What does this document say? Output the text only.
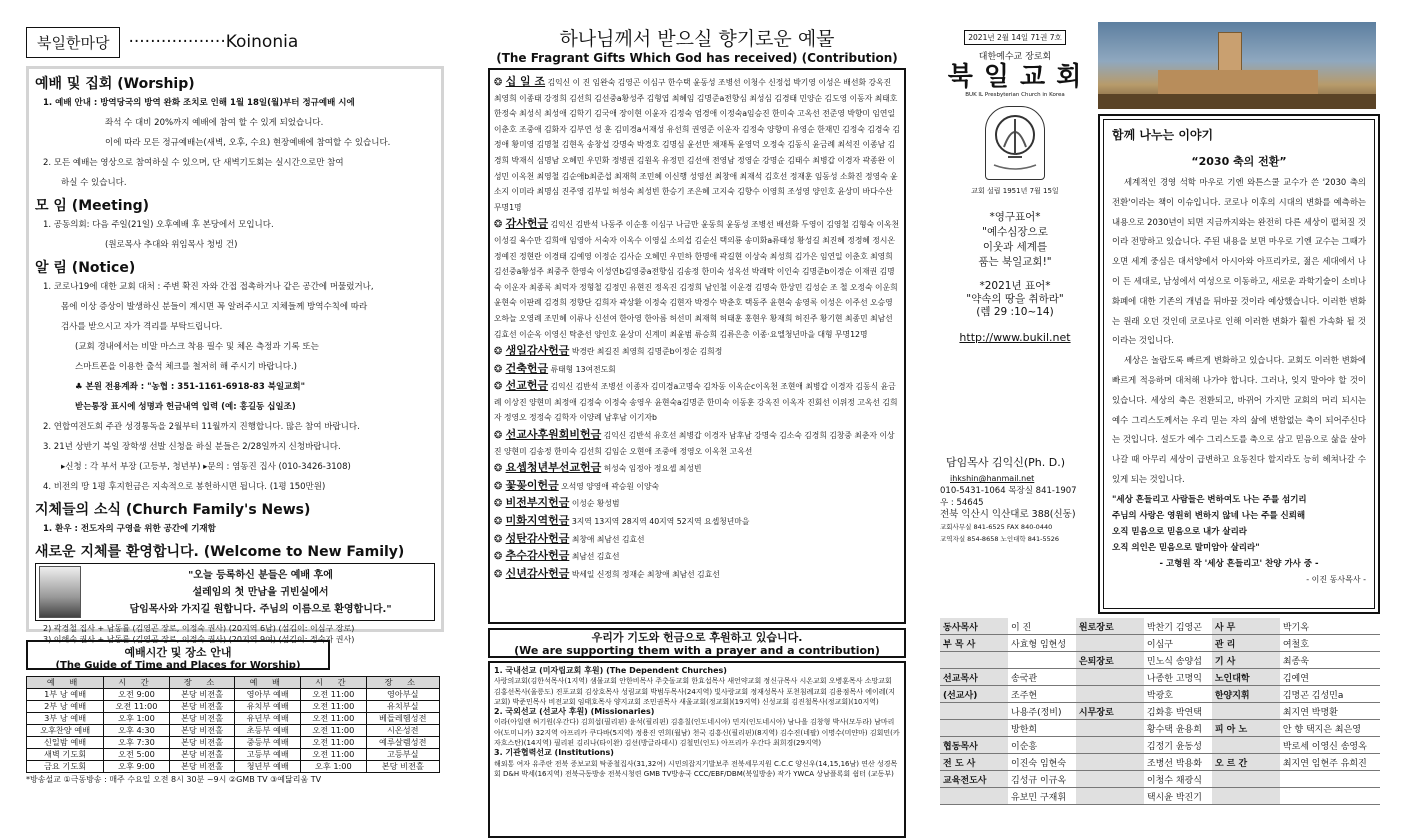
북일한마당	··················Koinonia
예배 및 집회 (Worship)
1. 예배 안내 : 방역당국의 방역 완화 조치로 인해 1월 18일(월)부터 정규예배 시에
좌석 수 대비 20%까지 예배에 참여 할 수 있게 되었습니다.
이에 따라 모든 정규예배는(새벽, 오후, 수요) 현장예배에 참여할 수 있습니다.
2. 모든 예배는 영상으로 참여하실 수 있으며, 단 새벽기도회는 실시간으로만 참여
하실 수 있습니다.
모 임 (Meeting)
1. 공동의회: 다음 주일(21일) 오후예배 후 본당에서 모입니다.
(원로목사 추대와 위임목사 청빙 건)
알 림 (Notice)
1. 코로나19에 대한 교회 대처 : 주변 확진 자와 간접 접촉하거나 같은 공간에 머물렀거나,
몸에 이상 증상이 발생하신 분들이 계시면 꼭 알려주시고 지체들께 방역수칙에 따라
검사를 받으시고 자가 격리를 부탁드립니다.
(교회 경내에서는 비말 마스크 착용 필수 및 체온 측정과 기록 또는
스마트폰을 이용한 출석 체크를 철저히 해 주시기 바랍니다.)
♣ 본원 전용계좌 : "농협 : 351-1161-6918-83 북일교회"
받는통장 표시에 성명과 헌금내역 입력 (예: 홍길동 십일조)
2. 연합여전도회 주관 성경통독을 2월부터 11월까지 진행합니다. 많은 참여 바랍니다.
3. 21년 상반기 북일 장학생 선발 신청을 하실 분들은 2/28일까지 신청바랍니다.
▸신청 : 각 부서 부장 (고등부, 청년부) ▸문의 : 염동진 집사 (010-3426-3108)
4. 비전의 땅 1평 후지헌금은 지속적으로 봉헌하시면 됩니다. (1평 150만원)
지체들의 소식 (Church Family's News)
1. 환우 : 전도자의 구영을 위한 공간에 기재함
새로운 지체를 환영합니다. (Welcome to New Family)
"오늘 등록하신 분들은 예배 후에
설레임의 첫 만남을 귀빈실에서
담임목사와 가지길 원합니다. 주님의 이름으로 환영합니다."
2) 곽경철 집사 + 남동률 (김영곤 장로, 이정숙 권사) (20지역 6남) (섬김이: 이심구 장로)
3) 이해숙 권사 + 남동률 (김영곤 장로, 이정숙 권사) (20지역 9여) (섬김이: 정숙자 권사)
예배시간 및 장소 안내
(The Guide of Time and Places for Worship)
예 배	시 간	장 소	예 배	시 간	장 소
1부 낭 예배	오전 9:00	본당 비젼홀	영아부 예배	오전 11:00	영아부실
2부 낭 예배	오전 11:00	본당 비젼홀	유치부 예배	오전 11:00	유치부실
3부 낭 예배	오후 1:00	본당 비젼홀	유년부 예배	오전 11:00	베들레헴성전
오후찬양 예배	오후 4:30	본당 비젼홀	초등부 예배	오전 11:00	시온성전
신일밤 예배	오후 7:30	본당 비젼홀	중등부 예배	오전 11:00	예루살렘성전
새벽 기도회	오전 5:00	본당 비젼홀	고등부 예배	오전 11:00	고등부실
금요 기도회	오후 9:00	본당 비젼홀	청년부 예배	오후 1:00	본당 비젼홀
*방송설교 ①극동방송 : 매주 수요일 오전 8시 30분 ~9시 ②GMB TV ③예닮리움 TV
하나님께서 받으실 향기로운 예물
(The Fragrant Gifts Which God has received) (Contribution)
❂ 십 일 조 김익신 이 진 임완숙 김영곤 이심구 한수택 윤동성 조병선 이청수 신정섭 박기영 이성은 배선화 강옥진 최영희 이종태 강정희 김선희 김선중a황성주 김형엽 최혜임 김명준a전향심 최성심 김경태 민양순 김도영 이동자 최태호 한정숙 최성식 최성애 김학기 김국애 장이현 이윤자 김정숙 엄경애 이정숙a임승진 한미숙 고옥선 전준영 박향미 임연일 이춘호 조중애 김화자 김부연 성 훈 김미경a서재성 유선희 권영준 이운자 김정숙 양향미 유영순 한재민 김정숙 김경숙 김정애 황미영 김명철 김현옥 송창섭 강명숙 박경호 김명심 윤선만 채재특 윤영덕 오정숙 김동식 윤금례 최석진 이종남 김경희 박재식 심명남 오혜민 우민화 정병권 김원옥 유정민 김선애 전영남 정영순 강명순 김태수 최병갑 이경자 곽종완 이성민 이옥천 최영철 김순애b최준섭 최재혁 조민혜 이신행 성영선 최창애 최재석 김호선 정재훈 임동성 소화진 정영숙 윤소지 이미라 최명심 진주영 김부일 허성숙 최성빈 한승기 조은혜 고지숙 김향수 이영희 조성영 양인호 윤상미 바다수산 무명1명
❂ 감사헌금 김익신 김반석 나동주 이순흥 이심구 나금만 윤동희 윤동성 조병선 배선화 두영이 김영철 김형숙 이옥천 이성길 육수만 김희애 임영아 서숙자 이옥수 이영실 소의섭 김순신 택의룡 송미화a류태성 황성길 최진혜 정정혜 정시온 정예진 정현란 이경태 김예영 이정순 김사순 오혜민 우민하 한명애 곽길현 이상숙 최성희 김가은 임연일 이춘호 최영희 김선중a황성주 최중주 한영숙 이성연b김영중a전향심 김송정 한미숙 성옥선 박래탁 이인숙 김명준b이경순 이재권 김명숙 이운자 최종록 최덕자 정형철 김정민 유현진 정옥진 김정희 남인철 이운경 김명숙 한상민 김성순 조 철 오정숙 이운희 윤현숙 이판례 김경희 정향단 김희자 곽상환 이정숙 김현자 박경수 박춘호 택동주 윤현숙 송영록 이성은 이주선 오승영 오하늘 오영례 조민혜 이류나 신선여 한아영 한아름 허선미 최재혁 허태훈 홍현우 황재희 허진주 황기현 최종민 최남선 김효선 이순옥 이영신 탁춘선 양인호 윤상미 신계미 최윤범 류승희 김류은총 이종·요엘청년마을 대형 무명12명
❂ 생일감사헌금 박경란 최길진 최영희 김명준b이정순 김희정
❂ 건축헌금 류태형 13여전도회
❂ 선교헌금 김익신 김반석 조병선 이종자 김미경a고명숙 김차동 이옥순c이옥천 조현애 최병갑 이경자 김동식 윤금례 이상진 양현미 최정애 김정숙 이정숙 송영우 윤현숙a김명준 한미숙 이동훈 강옥진 이옥자 진회선 이위정 고옥선 김희자 정영오 정정숙 김학자 이양례 남후남 이기자b
❂ 선교사후원회비헌금 김익신 김반석 유호선 최병갑 이경자 남후남 강명숙 김소숙 김경희 김창중 최춘자 이상진 양현미 김송정 한미숙 김선희 김임순 오현애 조중애 정영오 이옥천 고옥선
❂ 요셉청년부선교헌금 허성숙 임정아 정요셉 최성빈
❂ 꽃꽂이헌금 오석영 양영애 곽승원 이양숙
❂ 비전부지헌금 이성순 황성범
❂ 미화지역헌금 3지역 13지역 28지역 40지역 52지역 요셉청년마을
❂ 성탄감사헌금 최창애 최남선 김효선
❂ 추수감사헌금 최남선 김효선
❂ 신년감사헌금 박세일 신정희 정재순 최창애 최남선 김효선
우리가 기도와 헌금으로 후원하고 있습니다.
(We are supporting them with a prayer and a contribution)
1. 국내선교 (미자립교회 후원) (The Dependent Churches)
사랑의교회(김한석목사(1지역) 샘물교회 안한비목사 주춧돌교회 한효섭목사 새언약교회 정신규목사 시온교회 오병훈목사 소망교회 김홍선목사(울릉도) 진포교회 김상호목사 성림교회 박범두목사(24지역) 빛사랑교회 정재성목사 포천침례교회 김용점목사 에이레(지교회) 박준민목사 비전교회 임태호목사 양지교회 조민권목사 새울교회(정교회)(19지역) 신성교회 김진철목사(정교회)(10지역)
2. 국외선교 (선교사 후원) (Missionaries)
이라(아일랜 허기원(우간다) 김희섭(필리핀) 윤석(필리핀) 김흥칠(인도네시아) 민지(인도네시아) 남나을 김창형 박사(모두라) 남마리아(도미니카) 32지역 아프리카 쿠다바(5지역) 정용진 연희(월남) 천국 김흥신(필리핀)(8지역) 김수진(네팔) 이명수(미얀마) 김회민(카자흐스탄)(14지역) 필리핀 김리나(타이완) 김선(방글라데시) 김철민(인도) 아프리카 우간다 최희경(29지역)
3. 기관협력선교 (Institutions)
해외통 여자 유주란 전북 증보교회 탁종철집사(31,32여) 시민의잡지기발보주 전북세무지원 C.C.C 양신우(14,15,16남) 연산 성경목회 D&H 박세(16지역) 전북극동방송 전북시청련 GMB TV방송국 CCC/EBF/DBM(북일방송) 작가 YWCA 상남플록회 쉼터 (교동부)
2021년 2월 14일 71권 7호
대한예수교 장로회
북 일 교 회
BUK IL Presbyterian Church in Korea
교회 설립 1951년 7월 15일
*영구표어*
"예수심장으로
이웃과 세계를
품는 북일교회!"
*2021년 표어*
"약속의 땅을 취하라"
(렘 29 :10~14)
http://www.bukil.net
담임목사 김익신(Ph. D.)
ihkshin@hanmail.net
010-5431-1064 목장실 841-1907
우 : 54645
전북 익산시 익산대로 388(신동)
교회사무실 841-6525 FAX 840-0440
교역자실 854-8658 노인대학 841-5526
함께 나누는 이야기
“2030 축의 전환”

세계적인 경영 석학 마우로 기엔 와튼스쿨 교수가 쓴 '2030 축의 전환'이라는 책이 이슈입니다. 코로나 이후의 시대의 변화를 예측하는 내용으로 2030년이 되면 지금까지와는 완전히 다른 세상이 펼쳐질 것이라 전망하고 있습니다. 주된 내용을 보면 마우로 기엔 교수는 그때가 오면 세계 중심은 대서양에서 아시아와 아프리카로, 젊은 세대에서 나이 든 세대로, 남성에서 여성으로 이동하고, 새로운 과학기술이 소비나 화폐에 대한 기존의 개념을 뒤바꿀 것이라 예상했습니다. 이러한 변화는 원래 오던 것인데 코로나로 인해 이러한 변화가 훨씬 가속화 될 것이라는 것입니다.

세상은 놀랍도록 빠르게 변화하고 있습니다. 교회도 이러한 변화에 빠르게 적응하며 대처해 나가야 합니다. 그러나, 잊지 말아야 할 것이 있습니다. 세상의 축은 전환되고, 바뀌어 가지만 교회의 머리 되시는 예수 그리스도께서는 우리 믿는 자의 삶에 변함없는 축이 되어주신다는 것입니다. 설도가 예수 그리스도를 축으로 삼고 믿음으로 삶을 살아 나갈 때 아무리 세상이 급변하고 요동친다 할지라도 능히 헤쳐나갈 수 있게 되는 것입니다.

"세상 흔들리고 사람들은 변하여도 나는 주를 섬기리
주님의 사랑은 영원히 변하지 않네 나는 주를 신뢰해
오직 믿음으로 믿음으로 내가 살리라
오직 의인은 믿음으로 말미암아 살리라"
- 고형원 작 '세상 흔들리고' 찬양 가사 중 -
- 이진 동사목사 -
동사목사	이 진	원로장로	박찬기 김영곤	사 무	박기옥
부 목 사	사효형 임현성		이심구	관 리	여철호
		은퇴장로	민노식 송양섭	기 사	최종욱
선교목사	송국관		나종한 고명익	노인대학	김예연
(선교사)	조주현		박광호	한양지휘	김명곤 김성민a
	나용주(정비)	시무장로	김화흥 박연택		최지연 박명환
	방한희		황수택 윤용희	피 아 노	안 향 택지은 최은영
협동목사	이순흥		김정기 윤동성		박로세 이영신 송영옥
전 도 사	이진숙 임현숙		조병선 박용화	오 르 간	최지연 임현주 유희진
교육전도사	김성규 이규옥		이청수 채광식		
	유보민 구재휘		택시윤 박진기		
